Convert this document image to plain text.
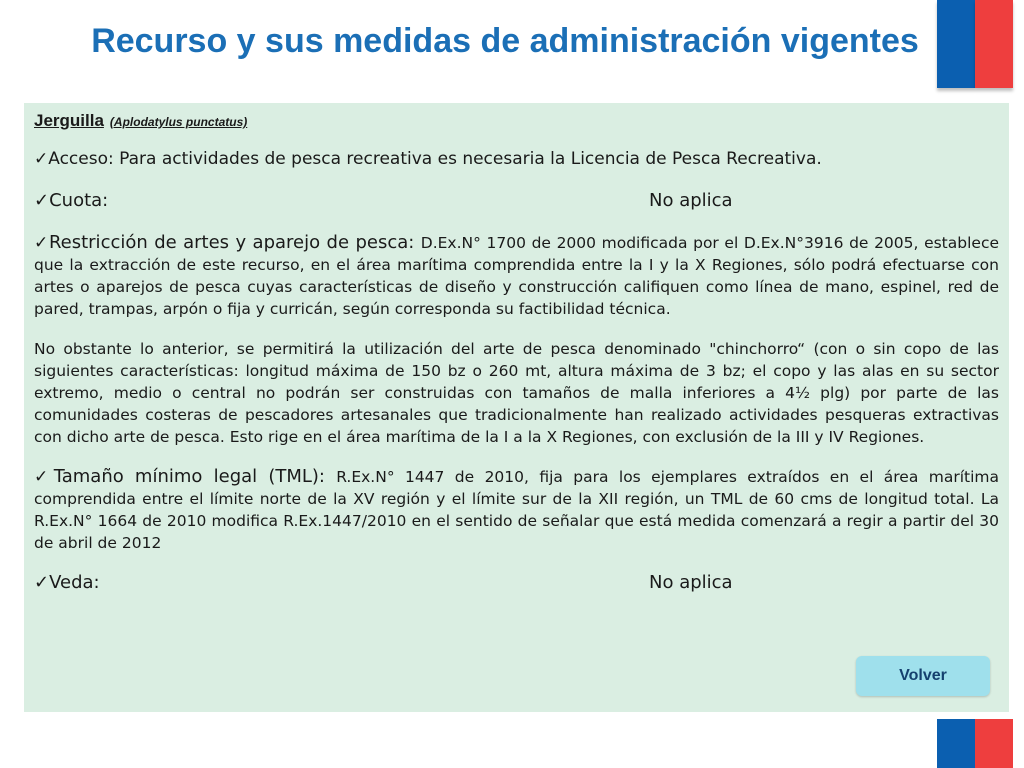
Recurso y sus medidas de administración vigentes
Jerguilla (Aplodatylus punctatus)
✓Acceso: Para actividades de pesca recreativa es necesaria la Licencia de Pesca Recreativa.
✓Cuota:	No aplica
✓Restricción de artes y aparejo de pesca: D.Ex.N° 1700 de 2000 modificada por el D.Ex.N°3916 de 2005, establece que la extracción de este recurso, en el área marítima comprendida entre la I y la X Regiones, sólo podrá efectuarse con artes o aparejos de pesca cuyas características de diseño y construcción califiquen como línea de mano, espinel, red de pared, trampas, arpón o fija y curricán, según corresponda su factibilidad técnica.
No obstante lo anterior, se permitirá la utilización del arte de pesca denominado "chinchorro“ (con o sin copo de las siguientes características: longitud máxima de 150 bz o 260 mt, altura máxima de 3 bz; el copo y las alas en su sector extremo, medio o central no podrán ser construidas con tamaños de malla inferiores a 4½ plg) por parte de las comunidades costeras de pescadores artesanales que tradicionalmente han realizado actividades pesqueras extractivas con dicho arte de pesca. Esto rige en el área marítima de la I a la X Regiones, con exclusión de la III y IV Regiones.
✓Tamaño mínimo legal (TML): R.Ex.N° 1447 de 2010, fija para los ejemplares extraídos en el área marítima comprendida entre el límite norte de la XV región y el límite sur de la XII región, un TML de 60 cms de longitud total. La R.Ex.N° 1664 de 2010 modifica R.Ex.1447/2010 en el sentido de señalar que está medida comenzará a regir a partir del 30 de abril de 2012
✓Veda:	No aplica
Volver
